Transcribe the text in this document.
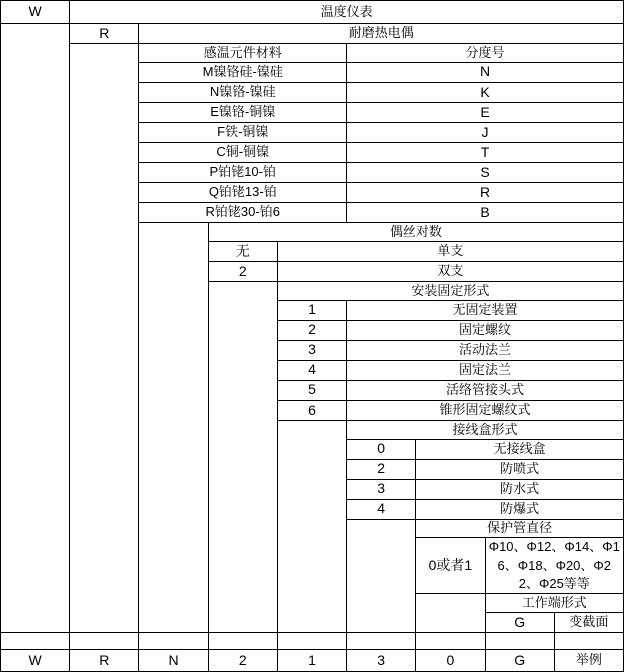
W	温度仪表							
	R	耐磨热电偶						
		感温元件材料			分度号			
		M镍铬硅-镍硅			N			
		N镍铬-镍硅			K			
		E镍铬-铜镍			E			
		F铁-铜镍			J			
		C铜-铜镍			T			
		P铂铑10-铂			S			
		Q铂铑13-铂			R			
		R铂铑30-铂6			B			
			偶丝对数					
			无	单支				
			2	双支				
				安装固定形式				
				1	无固定装置			
				2	固定螺纹			
				3	活动法兰			
				4	固定法兰			
				5	活络管接头式			
				6	锥形固定螺纹式			
					接线盒形式			
					0	无接线盒		
					2	防喷式		
					3	防水式		
					4	防爆式		
						保护管直径		
						0或者1	Φ10、Φ12、Φ14、Φ16、Φ18、Φ20、Φ22、Φ25等等	
							工作端形式	
							G	变截面

W	R	N	2	1	3	0	G	举例
